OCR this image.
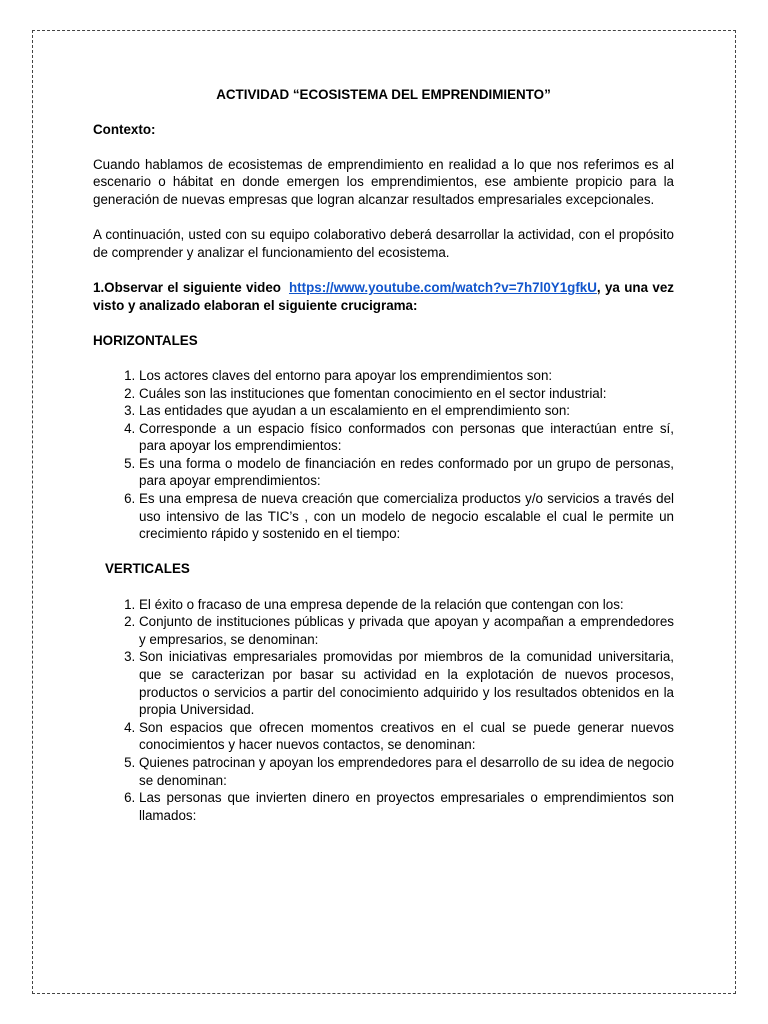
ACTIVIDAD “ECOSISTEMA DEL EMPRENDIMIENTO”
Contexto:

Cuando hablamos de ecosistemas de emprendimiento en realidad a lo que nos referimos es al escenario o hábitat en donde emergen los emprendimientos, ese ambiente propicio para la generación de nuevas empresas que logran alcanzar resultados empresariales excepcionales.

A continuación, usted con su equipo colaborativo deberá desarrollar la actividad, con el propósito de comprender y analizar el funcionamiento del ecosistema.

1.Observar el siguiente video https://www.youtube.com/watch?v=7h7l0Y1gfkU, ya una vez visto y analizado elaboran el siguiente crucigrama:

HORIZONTALES
1. Los actores claves del entorno para apoyar los emprendimientos son:
2. Cuáles son las instituciones que fomentan conocimiento en el sector industrial:
3. Las entidades que ayudan a un escalamiento en el emprendimiento son:
4. Corresponde a un espacio físico conformados con personas que interactúan entre sí, para apoyar los emprendimientos:
5. Es una forma o modelo de financiación en redes conformado por un grupo de personas, para apoyar emprendimientos:
6. Es una empresa de nueva creación que comercializa productos y/o servicios a través del uso intensivo de las TIC’s , con un modelo de negocio escalable el cual le permite un crecimiento rápido y sostenido en el tiempo:
VERTICALES
1. El éxito o fracaso de una empresa depende de la relación que contengan con los:
2. Conjunto de instituciones públicas y privada que apoyan y acompañan a emprendedores y empresarios, se denominan:
3. Son iniciativas empresariales promovidas por miembros de la comunidad universitaria, que se caracterizan por basar su actividad en la explotación de nuevos procesos, productos o servicios a partir del conocimiento adquirido y los resultados obtenidos en la propia Universidad.
4. Son espacios que ofrecen momentos creativos en el cual se puede generar nuevos conocimientos y hacer nuevos contactos, se denominan:
5. Quienes patrocinan y apoyan los emprendedores para el desarrollo de su idea de negocio se denominan:
6. Las personas que invierten dinero en proyectos empresariales o emprendimientos son llamados:
